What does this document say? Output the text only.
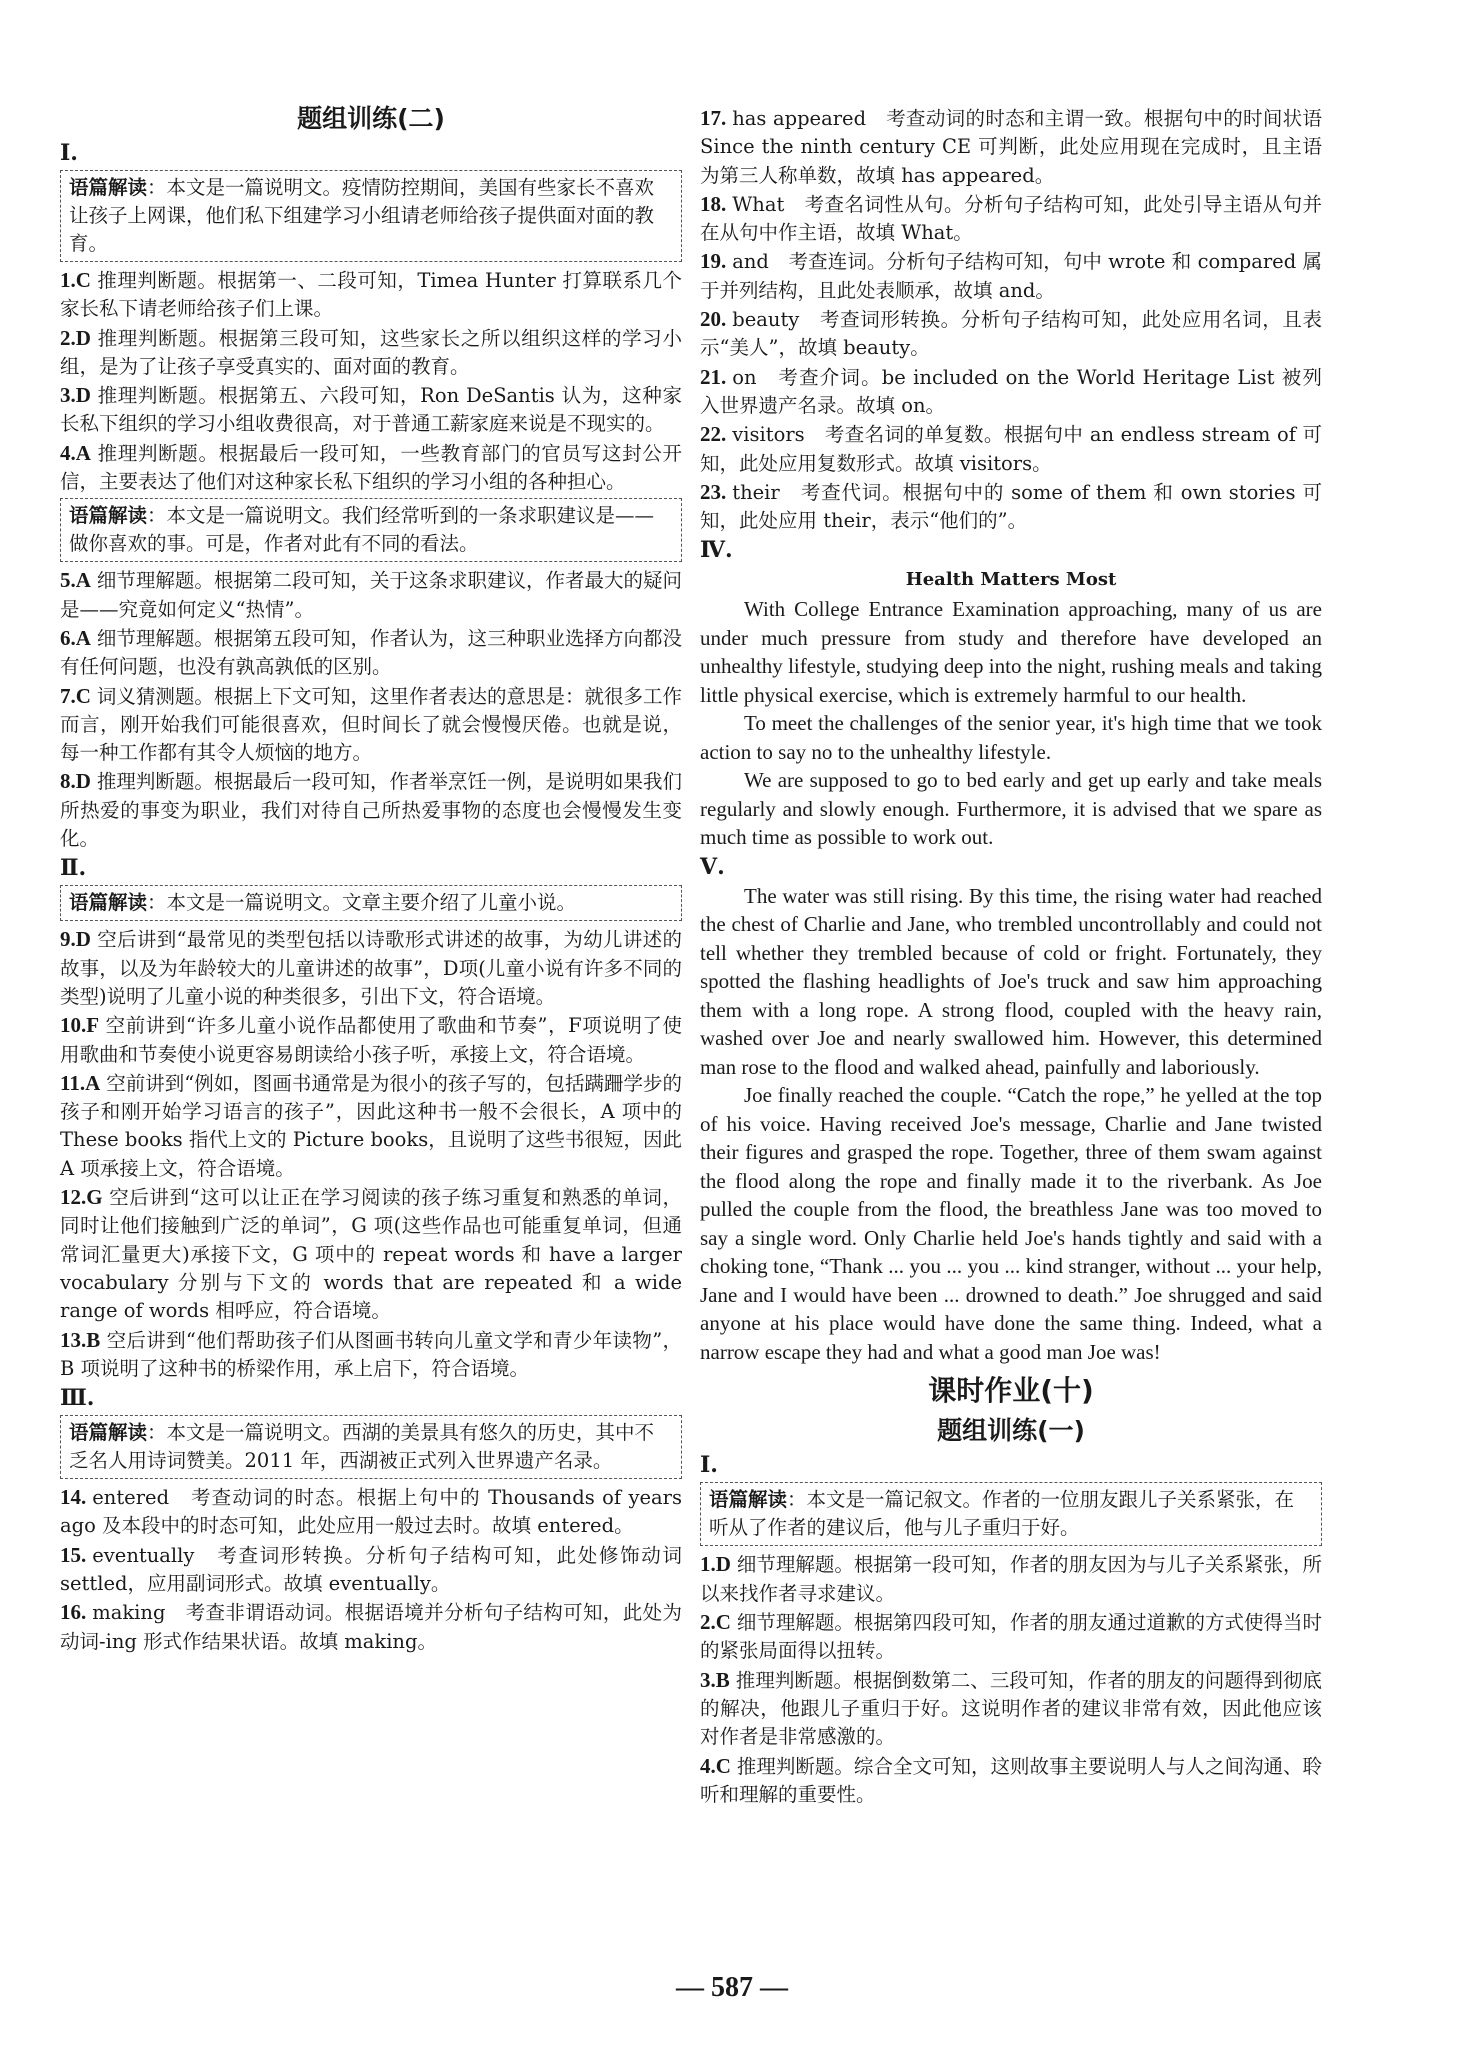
题组训练(二)
Ⅰ.
语篇解读：本文是一篇说明文。疫情防控期间，美国有些家长不喜欢让孩子上网课，他们私下组建学习小组请老师给孩子提供面对面的教育。
1.C 推理判断题。根据第一、二段可知，Timea Hunter 打算联系几个家长私下请老师给孩子们上课。
2.D 推理判断题。根据第三段可知，这些家长之所以组织这样的学习小组，是为了让孩子享受真实的、面对面的教育。
3.D 推理判断题。根据第五、六段可知，Ron DeSantis 认为，这种家长私下组织的学习小组收费很高，对于普通工薪家庭来说是不现实的。
4.A 推理判断题。根据最后一段可知，一些教育部门的官员写这封公开信，主要表达了他们对这种家长私下组织的学习小组的各种担心。
语篇解读：本文是一篇说明文。我们经常听到的一条求职建议是——做你喜欢的事。可是，作者对此有不同的看法。
5.A 细节理解题。根据第二段可知，关于这条求职建议，作者最大的疑问是——究竟如何定义“热情”。
6.A 细节理解题。根据第五段可知，作者认为，这三种职业选择方向都没有任何问题，也没有孰高孰低的区别。
7.C 词义猜测题。根据上下文可知，这里作者表达的意思是：就很多工作而言，刚开始我们可能很喜欢，但时间长了就会慢慢厌倦。也就是说，每一种工作都有其令人烦恼的地方。
8.D 推理判断题。根据最后一段可知，作者举烹饪一例，是说明如果我们所热爱的事变为职业，我们对待自己所热爱事物的态度也会慢慢发生变化。
Ⅱ.
语篇解读：本文是一篇说明文。文章主要介绍了儿童小说。
9.D 空后讲到“最常见的类型包括以诗歌形式讲述的故事，为幼儿讲述的故事，以及为年龄较大的儿童讲述的故事”，D项(儿童小说有许多不同的类型)说明了儿童小说的种类很多，引出下文，符合语境。
10.F 空前讲到“许多儿童小说作品都使用了歌曲和节奏”，F项说明了使用歌曲和节奏使小说更容易朗读给小孩子听，承接上文，符合语境。
11.A 空前讲到“例如，图画书通常是为很小的孩子写的，包括蹒跚学步的孩子和刚开始学习语言的孩子”，因此这种书一般不会很长，A 项中的 These books 指代上文的 Picture books，且说明了这些书很短，因此 A 项承接上文，符合语境。
12.G 空后讲到“这可以让正在学习阅读的孩子练习重复和熟悉的单词，同时让他们接触到广泛的单词”，G 项(这些作品也可能重复单词，但通常词汇量更大)承接下文，G 项中的 repeat words 和 have a larger vocabulary 分别与下文的 words that are repeated 和 a wide range of words 相呼应，符合语境。
13.B 空后讲到“他们帮助孩子们从图画书转向儿童文学和青少年读物”，B 项说明了这种书的桥梁作用，承上启下，符合语境。
Ⅲ.
语篇解读：本文是一篇说明文。西湖的美景具有悠久的历史，其中不乏名人用诗词赞美。2011 年，西湖被正式列入世界遗产名录。
14. entered　考查动词的时态。根据上句中的 Thousands of years ago 及本段中的时态可知，此处应用一般过去时。故填 entered。
15. eventually　考查词形转换。分析句子结构可知，此处修饰动词 settled，应用副词形式。故填 eventually。
16. making　考查非谓语动词。根据语境并分析句子结构可知，此处为动词-ing 形式作结果状语。故填 making。
17. has appeared　考查动词的时态和主谓一致。根据句中的时间状语 Since the ninth century CE 可判断，此处应用现在完成时，且主语为第三人称单数，故填 has appeared。
18. What　考查名词性从句。分析句子结构可知，此处引导主语从句并在从句中作主语，故填 What。
19. and　考查连词。分析句子结构可知，句中 wrote 和 compared 属于并列结构，且此处表顺承，故填 and。
20. beauty　考查词形转换。分析句子结构可知，此处应用名词，且表示“美人”，故填 beauty。
21. on　考查介词。be included on the World Heritage List 被列入世界遗产名录。故填 on。
22. visitors　考查名词的单复数。根据句中 an endless stream of 可知，此处应用复数形式。故填 visitors。
23. their　考查代词。根据句中的 some of them 和 own stories 可知，此处应用 their，表示“他们的”。
Ⅳ.
Health Matters Most
With College Entrance Examination approaching, many of us are under much pressure from study and therefore have developed an unhealthy lifestyle, studying deep into the night, rushing meals and taking little physical exercise, which is extremely harmful to our health.
To meet the challenges of the senior year, it's high time that we took action to say no to the unhealthy lifestyle.
We are supposed to go to bed early and get up early and take meals regularly and slowly enough. Furthermore, it is advised that we spare as much time as possible to work out.
Ⅴ.
The water was still rising. By this time, the rising water had reached the chest of Charlie and Jane, who trembled uncontrollably and could not tell whether they trembled because of cold or fright. Fortunately, they spotted the flashing headlights of Joe's truck and saw him approaching them with a long rope. A strong flood, coupled with the heavy rain, washed over Joe and nearly swallowed him. However, this determined man rose to the flood and walked ahead, painfully and laboriously.
Joe finally reached the couple. “Catch the rope,” he yelled at the top of his voice. Having received Joe's message, Charlie and Jane twisted their figures and grasped the rope. Together, three of them swam against the flood along the rope and finally made it to the riverbank. As Joe pulled the couple from the flood, the breathless Jane was too moved to say a single word. Only Charlie held Joe's hands tightly and said with a choking tone, “Thank ... you ... you ... kind stranger, without ... your help, Jane and I would have been ... drowned to death.” Joe shrugged and said anyone at his place would have done the same thing. Indeed, what a narrow escape they had and what a good man Joe was!
课时作业(十)
题组训练(一)
Ⅰ.
语篇解读：本文是一篇记叙文。作者的一位朋友跟儿子关系紧张，在听从了作者的建议后，他与儿子重归于好。
1.D 细节理解题。根据第一段可知，作者的朋友因为与儿子关系紧张，所以来找作者寻求建议。
2.C 细节理解题。根据第四段可知，作者的朋友通过道歉的方式使得当时的紧张局面得以扭转。
3.B 推理判断题。根据倒数第二、三段可知，作者的朋友的问题得到彻底的解决，他跟儿子重归于好。这说明作者的建议非常有效，因此他应该对作者是非常感激的。
4.C 推理判断题。综合全文可知，这则故事主要说明人与人之间沟通、聆听和理解的重要性。
— 587 —
